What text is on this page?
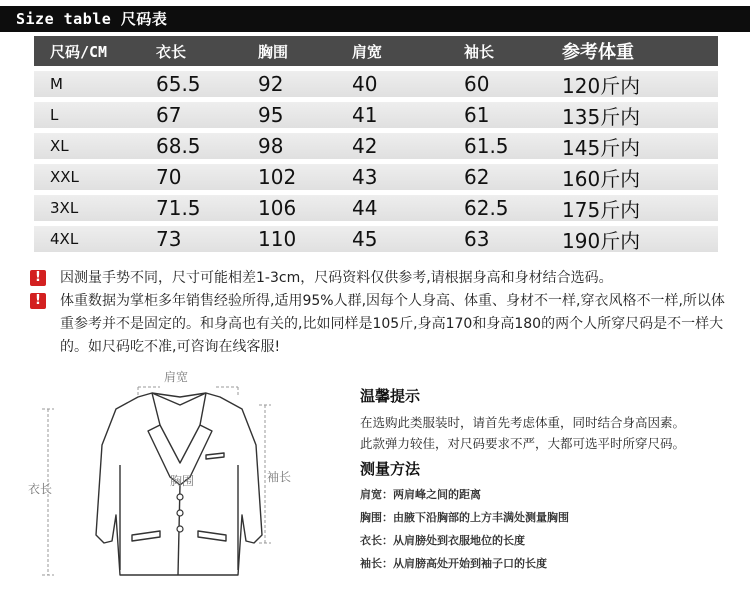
Size table 尺码表
尺码/CM	衣长	胸围	肩宽	袖长	参考体重
M	65.5	92	40	60	120斤内
L	67	95	41	61	135斤内
XL	68.5	98	42	61.5	145斤内
XXL	70	102	43	62	160斤内
3XL	71.5	106	44	62.5	175斤内
4XL	73	110	45	63	190斤内
!	因测量手势不同，尺寸可能相差1-3cm，尺码资料仅供参考,请根据身高和身材结合选码。
!	体重数据为掌柜多年销售经验所得,适用95%人群,因每个人身高、体重、身材不一样,穿衣风格不一样,所以体重参考并不是固定的。和身高也有关的,比如同样是105斤,身高170和身高180的两个人所穿尺码是不一样大的。如尺码吃不准,可咨询在线客服!
肩宽
胸围	袖长
衣长
温馨提示

在选购此类服装时，请首先考虑体重，同时结合身高因素。

此款弹力较佳，对尺码要求不严，大都可选平时所穿尺码。

测量方法
肩宽：两肩峰之间的距离
胸围：由腋下沿胸部的上方丰满处测量胸围
衣长：从肩膀处到衣服地位的长度
袖长：从肩膀高处开始到袖子口的长度
